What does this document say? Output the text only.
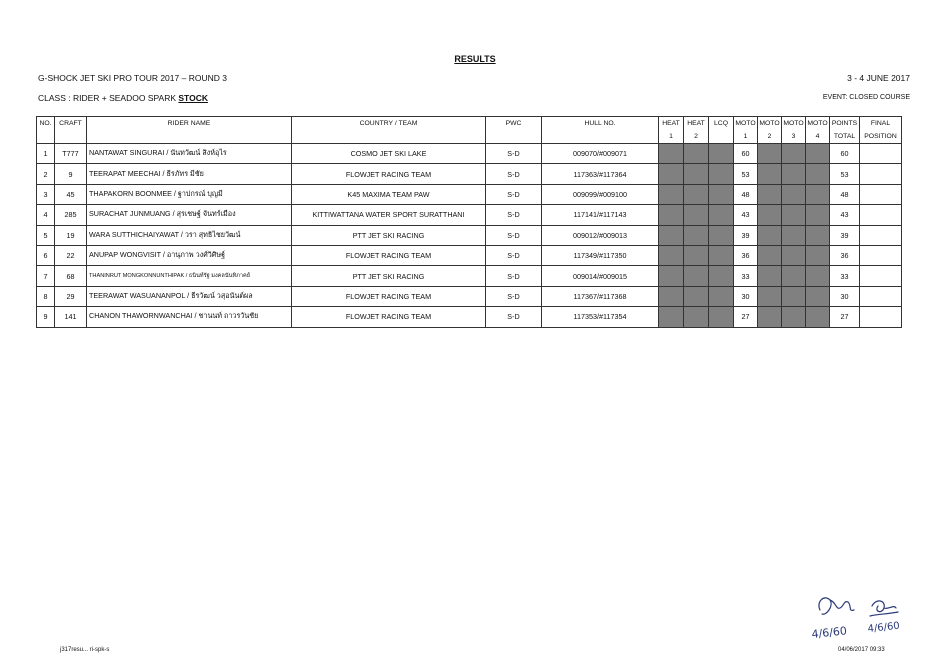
RESULTS
G-SHOCK JET SKI PRO TOUR 2017 – ROUND 3	3 - 4 JUNE 2017
CLASS : RIDER + SEADOO SPARK STOCK	EVENT: CLOSED COURSE
NO.	CRAFT	RIDER NAME	COUNTRY / TEAM	PWC	HULL NO.	HEAT	HEAT	LCQ	MOTO	MOTO	MOTO	MOTO	POINTS	FINAL
						1	2		1	2	3	4	TOTAL	POSITION
1	T777	NANTAWAT SINGURAI / นันทวัฒน์ สิงห์อุไร	COSMO JET SKI LAKE	S-D	009070/#009071				60				60	
2	9	TEERAPAT MEECHAI / ธีรภัทร มีชัย	FLOWJET RACING TEAM	S-D	117363/#117364				53				53	
3	45	THAPAKORN BOONMEE / ฐาปกรณ์ บุญมี	K45 MAXIMA TEAM PAW	S-D	009099/#009100				48				48	
4	285	SURACHAT JUNMUANG / สุรเชษฐ์ จันทร์เมือง	KITTIWATTANA WATER SPORT SURATTHANI	S-D	117141/#117143				43				43	
5	19	WARA SUTTHICHAIYAWAT / วรา สุทธิไชยวัฒน์	PTT JET SKI RACING	S-D	009012/#009013				39				39	
6	22	ANUPAP WONGVISIT / อานุภาพ วงศ์วิศิษฐ์	FLOWJET RACING TEAM	S-D	117349/#117350				36				36	
7	68	THANINRUT MONGKONNUNTHIPAK / ธนินท์รัฐ มงคลนันทิภาคย์	PTT JET SKI RACING	S-D	009014/#009015				33				33	
8	29	TEERAWAT WASUANANPOL / ธีรวัฒน์ วสุอนันต์ผล	FLOWJET RACING TEAM	S-D	117367/#117368				30				30	
9	141	CHANON THAWORNWANCHAI / ชานนท์ ถาวรวันชัย	FLOWJET RACING TEAM	S-D	117353/#117354				27				27	
4/6/60 4/6/60
j317resu... ri-spk-s	04/06/2017 09:33
